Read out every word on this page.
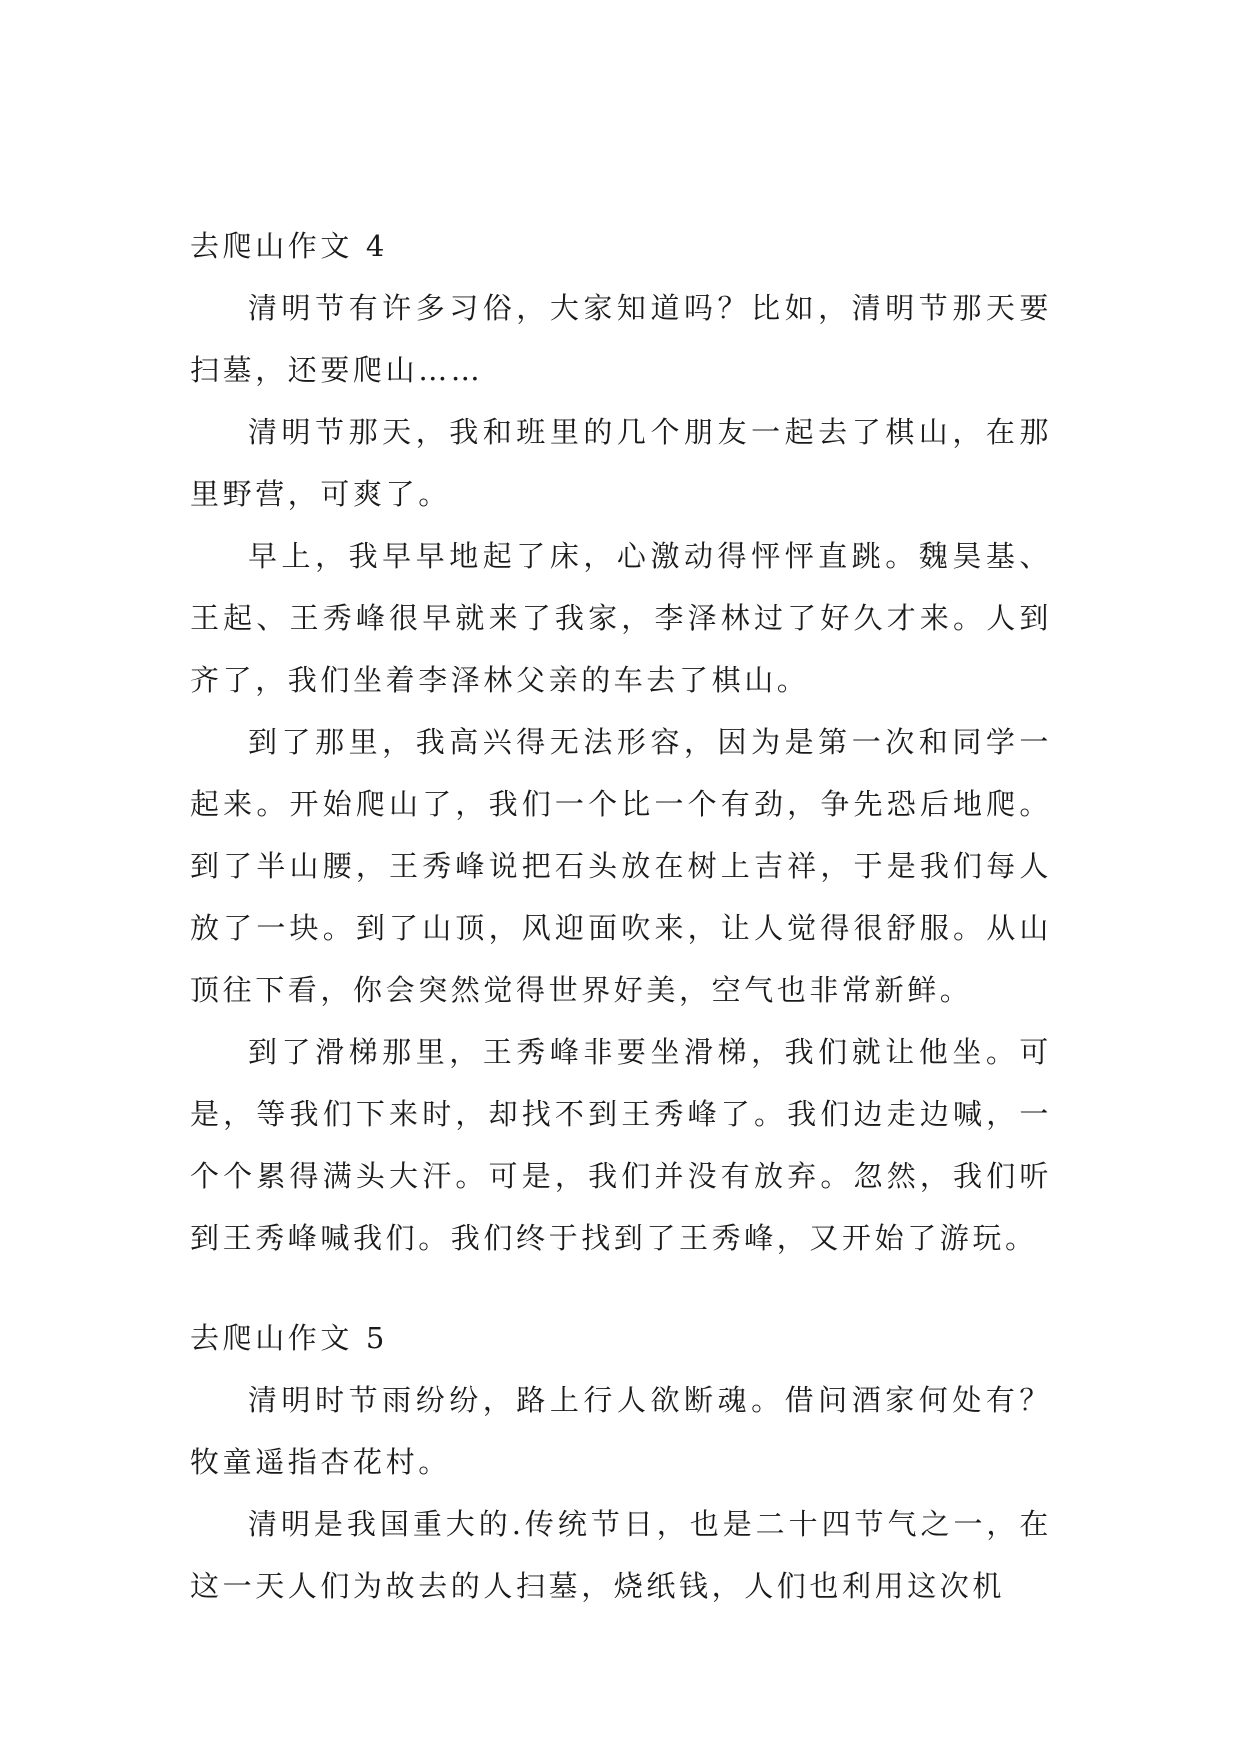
去爬山作文 4

清明节有许多习俗，大家知道吗？比如，清明节那天要扫墓，还要爬山……

清明节那天，我和班里的几个朋友一起去了棋山，在那里野营，可爽了。

早上，我早早地起了床，心激动得怦怦直跳。魏昊基、王起、王秀峰很早就来了我家，李泽林过了好久才来。人到齐了，我们坐着李泽林父亲的车去了棋山。

到了那里，我高兴得无法形容，因为是第一次和同学一起来。开始爬山了，我们一个比一个有劲，争先恐后地爬。到了半山腰，王秀峰说把石头放在树上吉祥，于是我们每人放了一块。到了山顶，风迎面吹来，让人觉得很舒服。从山顶往下看，你会突然觉得世界好美，空气也非常新鲜。

到了滑梯那里，王秀峰非要坐滑梯，我们就让他坐。可是，等我们下来时，却找不到王秀峰了。我们边走边喊，一个个累得满头大汗。可是，我们并没有放弃。忽然，我们听到王秀峰喊我们。我们终于找到了王秀峰，又开始了游玩。

去爬山作文 5

清明时节雨纷纷，路上行人欲断魂。借问酒家何处有？牧童遥指杏花村。

清明是我国重大的.传统节日，也是二十四节气之一，在这一天人们为故去的人扫墓，烧纸钱，人们也利用这次机
